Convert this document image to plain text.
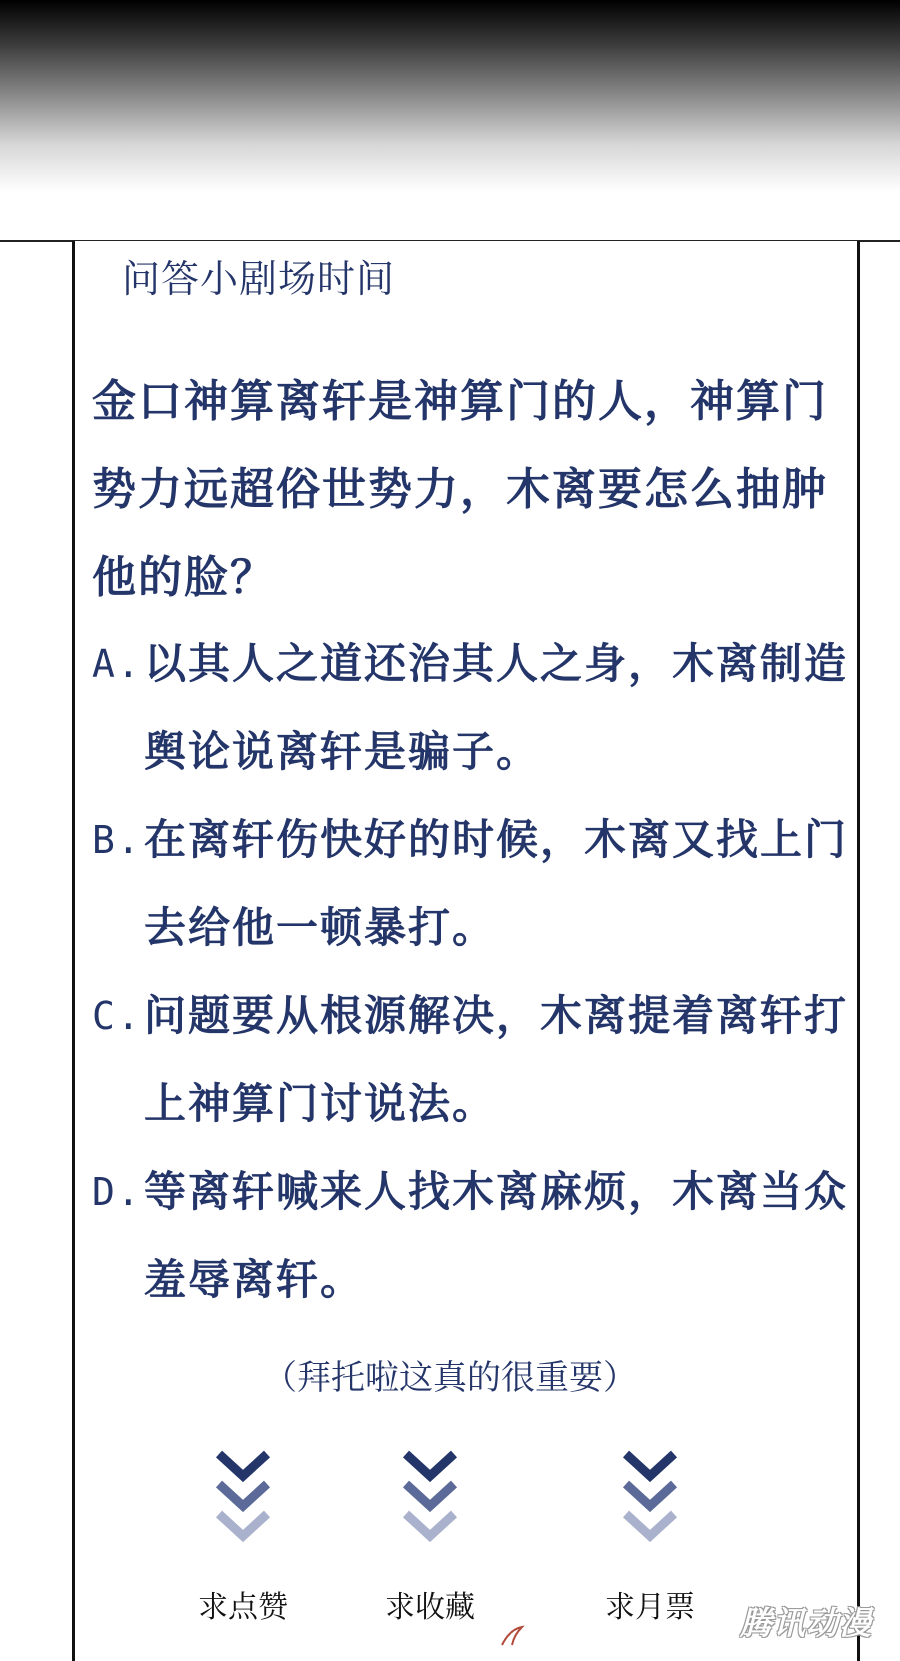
问答小剧场时间
金口神算离轩是神算门的人，神算门势力远超俗世势力，木离要怎么抽肿他的脸？
A. 以其人之道还治其人之身，木离制造舆论说离轩是骗子。
B. 在离轩伤快好的时候，木离又找上门去给他一顿暴打。
C. 问题要从根源解决，木离提着离轩打上神算门讨说法。
D. 等离轩喊来人找木离麻烦，木离当众羞辱离轩。
（拜托啦这真的很重要）
求点赞	求收藏	求月票	腾讯动漫
